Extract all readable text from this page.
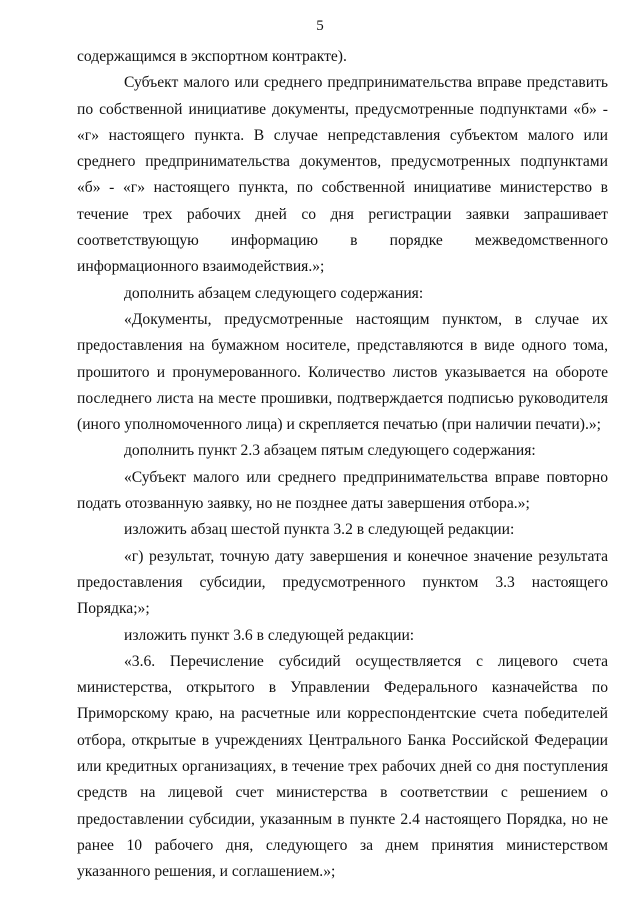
5

содержащимся в экспортном контракте).

Субъект малого или среднего предпринимательства вправе представить по собственной инициативе документы, предусмотренные подпунктами «б» - «г» настоящего пункта. В случае непредставления субъектом малого или среднего предпринимательства документов, предусмотренных подпунктами «б» - «г» настоящего пункта, по собственной инициативе министерство в течение трех рабочих дней со дня регистрации заявки запрашивает соответствующую информацию в порядке межведомственного информационного взаимодействия.»;

дополнить абзацем следующего содержания:

«Документы, предусмотренные настоящим пунктом, в случае их предоставления на бумажном носителе, представляются в виде одного тома, прошитого и пронумерованного. Количество листов указывается на обороте последнего листа на месте прошивки, подтверждается подписью руководителя (иного уполномоченного лица) и скрепляется печатью (при наличии печати).»;

дополнить пункт 2.3 абзацем пятым следующего содержания:

«Субъект малого или среднего предпринимательства вправе повторно подать отозванную заявку, но не позднее даты завершения отбора.»;

изложить абзац шестой пункта 3.2 в следующей редакции:

«г) результат, точную дату завершения и конечное значение результата предоставления субсидии, предусмотренного пунктом 3.3 настоящего Порядка;»;

изложить пункт 3.6 в следующей редакции:

«3.6. Перечисление субсидий осуществляется с лицевого счета министерства, открытого в Управлении Федерального казначейства по Приморскому краю, на расчетные или корреспондентские счета победителей отбора, открытые в учреждениях Центрального Банка Российской Федерации или кредитных организациях, в течение трех рабочих дней со дня поступления средств на лицевой счет министерства в соответствии с решением о предоставлении субсидии, указанным в пункте 2.4 настоящего Порядка, но не ранее 10 рабочего дня, следующего за днем принятия министерством указанного решения, и соглашением.»;
